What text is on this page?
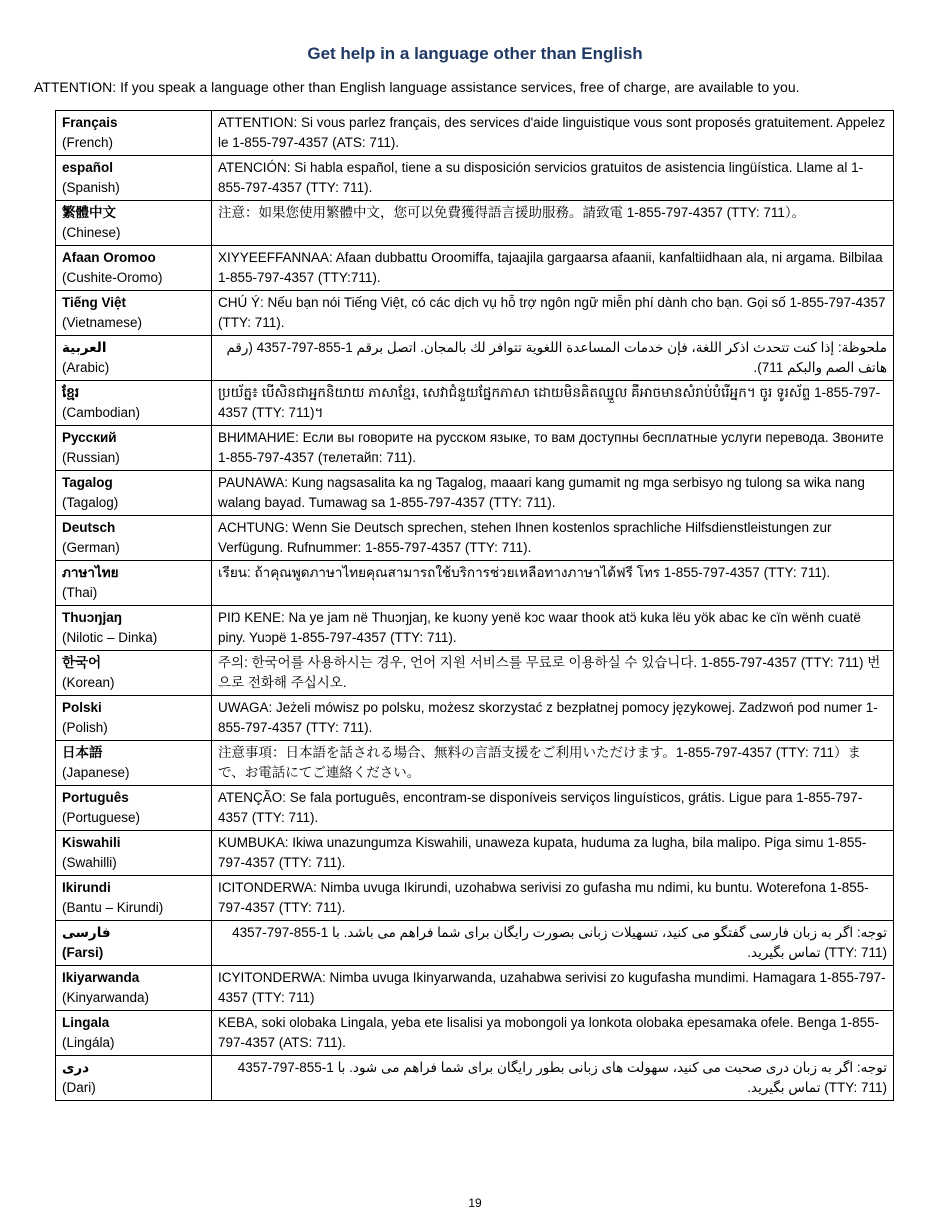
Get help in a language other than English
ATTENTION: If you speak a language other than English language assistance services, free of charge, are available to you.
Français
(French)	ATTENTION: Si vous parlez français, des services d'aide linguistique vous sont proposés gratuitement. Appelez le 1-855-797-4357 (ATS: 711).

español
(Spanish)	ATENCIÓN: Si habla español, tiene a su disposición servicios gratuitos de asistencia lingüística. Llame al 1-855-797-4357 (TTY: 711).

繁體中文
(Chinese)	注意：如果您使用繁體中文，您可以免費獲得語言援助服務。請致電 1-855-797-4357 (TTY: 711）。

Afaan Oromoo
(Cushite-Oromo)	XIYYEEFFANNAA: Afaan dubbattu Oroomiffa, tajaajila gargaarsa afaanii, kanfaltiidhaan ala, ni argama. Bilbilaa 1-855-797-4357 (TTY:711).

Tiếng Việt
(Vietnamese)	CHÚ Ý: Nếu bạn nói Tiếng Việt, có các dịch vụ hỗ trợ ngôn ngữ miễn phí dành cho bạn. Gọi số 1-855-797-4357 (TTY: 711).

العربية
(Arabic)	ملحوظة: إذا كنت تتحدث اذكر اللغة، فإن خدمات المساعدة اللغوية تتوافر لك بالمجان. اتصل برقم 1-855-797-4357 (رقم هاتف الصم والبكم 711).

ខ្មែរ
(Cambodian)	ប្រយ័ត្ន៖ បើសិនជាអ្នកនិយាយ ភាសាខ្មែរ, សេវាជំនួយផ្នែកភាសា ដោយមិនគិតឈ្នួល គឺអាចមានសំរាប់បំរើអ្នក។ ចូរ ទូរស័ព្ទ 1-855-797-4357 (TTY: 711)។

Русский
(Russian)	ВНИМАНИЕ: Если вы говорите на русском языке, то вам доступны бесплатные услуги перевода. Звоните 1-855-797-4357 (телетайп: 711).

Tagalog
(Tagalog)	PAUNAWA: Kung nagsasalita ka ng Tagalog, maaari kang gumamit ng mga serbisyo ng tulong sa wika nang walang bayad. Tumawag sa 1-855-797-4357 (TTY: 711).

Deutsch
(German)	ACHTUNG: Wenn Sie Deutsch sprechen, stehen Ihnen kostenlos sprachliche Hilfsdienstleistungen zur Verfügung. Rufnummer: 1-855-797-4357 (TTY: 711).

ภาษาไทย
(Thai)	เรียน: ถ้าคุณพูดภาษาไทยคุณสามารถใช้บริการช่วยเหลือทางภาษาได้ฟรี โทร 1-855-797-4357 (TTY: 711).

Thuɔŋjaŋ
(Nilotic – Dinka)	PIŊ KENE: Na ye jam në Thuɔŋjaŋ, ke kuɔny yenë kɔc waar thook atɔ̈ kuka lëu yök abac ke cïn wënh cuatë piny. Yuɔpë 1-855-797-4357 (TTY: 711).

한국어
(Korean)	주의: 한국어를 사용하시는 경우, 언어 지원 서비스를 무료로 이용하실 수 있습니다. 1-855-797-4357 (TTY: 711) 번으로 전화해 주십시오.

Polski
(Polish)	UWAGA: Jeżeli mówisz po polsku, możesz skorzystać z bezpłatnej pomocy językowej. Zadzwoń pod numer 1-855-797-4357 (TTY: 711).

日本語
(Japanese)	注意事項：日本語を話される場合、無料の言語支援をご利用いただけます。1-855-797-4357 (TTY: 711）まで、お電話にてご連絡ください。

Português
(Portuguese)	ATENÇÃO: Se fala português, encontram-se disponíveis serviços linguísticos, grátis. Ligue para 1-855-797-4357 (TTY: 711).

Kiswahili
(Swahilli)	KUMBUKA: Ikiwa unazungumza Kiswahili, unaweza kupata, huduma za lugha, bila malipo. Piga simu 1-855-797-4357 (TTY: 711).

Ikirundi
(Bantu – Kirundi)	ICITONDERWA: Nimba uvuga Ikirundi, uzohabwa serivisi zo gufasha mu ndimi, ku buntu. Woterefona 1-855-797-4357 (TTY: 711).

فارسی
(Farsi)	توجه: اگر به زبان فارسی گفتگو می کنید، تسهیلات زبانی بصورت رایگان برای شما فراهم می باشد. با 1-855-797-4357 (TTY: 711) تماس بگیرید.

Ikiyarwanda
(Kinyarwanda)	ICYITONDERWA: Nimba uvuga Ikinyarwanda, uzahabwa serivisi zo kugufasha mundimi. Hamagara 1-855-797-4357 (TTY: 711)

Lingala
(Lingála)	KEBA, soki olobaka Lingala, yeba ete lisalisi ya mobongoli ya lonkota olobaka epesamaka ofele. Benga 1-855-797-4357 (ATS: 711).

دری
(Dari)	توجه: اگر به زبان دری صحبت می کنید، سهولت های زبانی بطور رایگان برای شما فراهم می شود. با 1-855-797-4357 (TTY: 711) تماس بگیرید.
19
